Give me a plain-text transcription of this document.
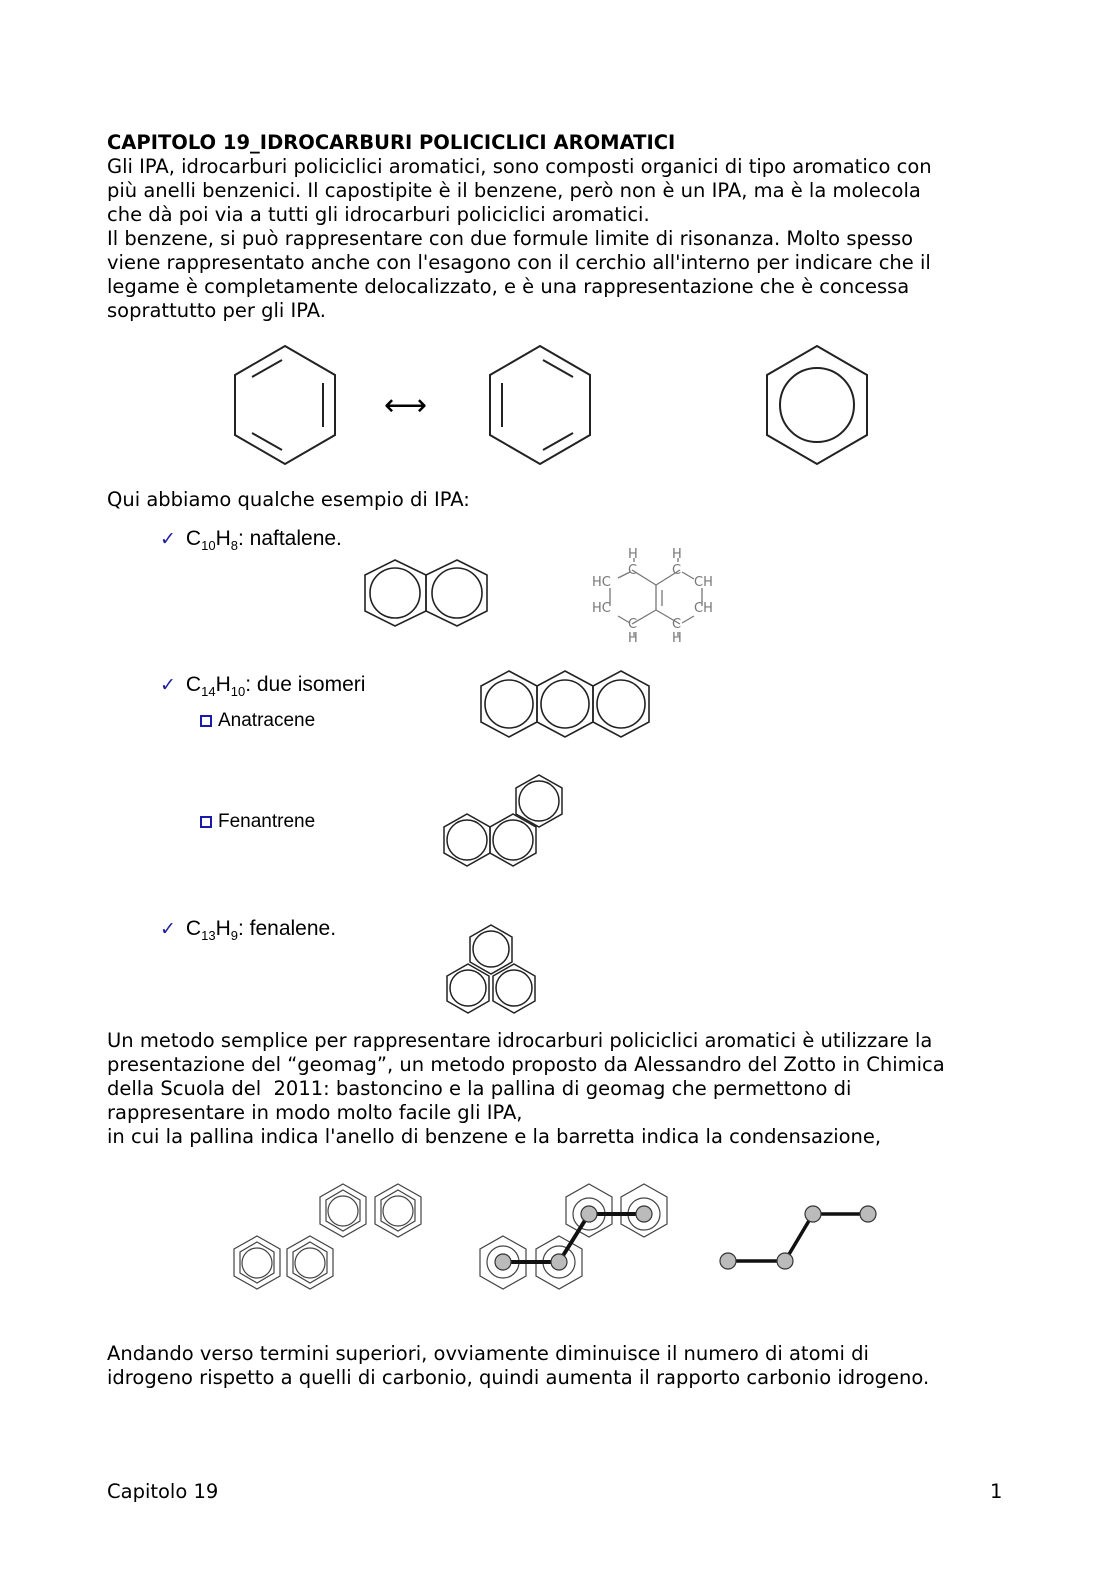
CAPITOLO 19_IDROCARBURI POLICICLICI AROMATICI
Gli IPA, idrocarburi policiclici aromatici, sono composti organici di tipo aromatico con
più anelli benzenici. Il capostipite è il benzene, però non è un IPA, ma è la molecola
che dà poi via a tutti gli idrocarburi policiclici aromatici.
Il benzene, si può rappresentare con due formule limite di risonanza. Molto spesso
viene rappresentato anche con l'esagono con il cerchio all'interno per indicare che il
legame è completamente delocalizzato, e è una rappresentazione che è concessa
soprattutto per gli IPA.
⟷
Qui abbiamo qualche esempio di IPA:
✓ $C_{10}H_8$: naftalene.
H	H
C	C
HC	CH
HC	CH
C	C
H	H
✓ $C_{14}H_{10}$: due isomeri
Anatracene
Fenantrene
✓ $C_{13}H_9$: fenalene.
Un metodo semplice per rappresentare idrocarburi policiclici aromatici è utilizzare la
presentazione del “geomag”, un metodo proposto da Alessandro del Zotto in Chimica
della Scuola del  2011: bastoncino e la pallina di geomag che permettono di
rappresentare in modo molto facile gli IPA,
in cui la pallina indica l'anello di benzene e la barretta indica la condensazione,
Andando verso termini superiori, ovviamente diminuisce il numero di atomi di
idrogeno rispetto a quelli di carbonio, quindi aumenta il rapporto carbonio idrogeno.
Capitolo 19	1
